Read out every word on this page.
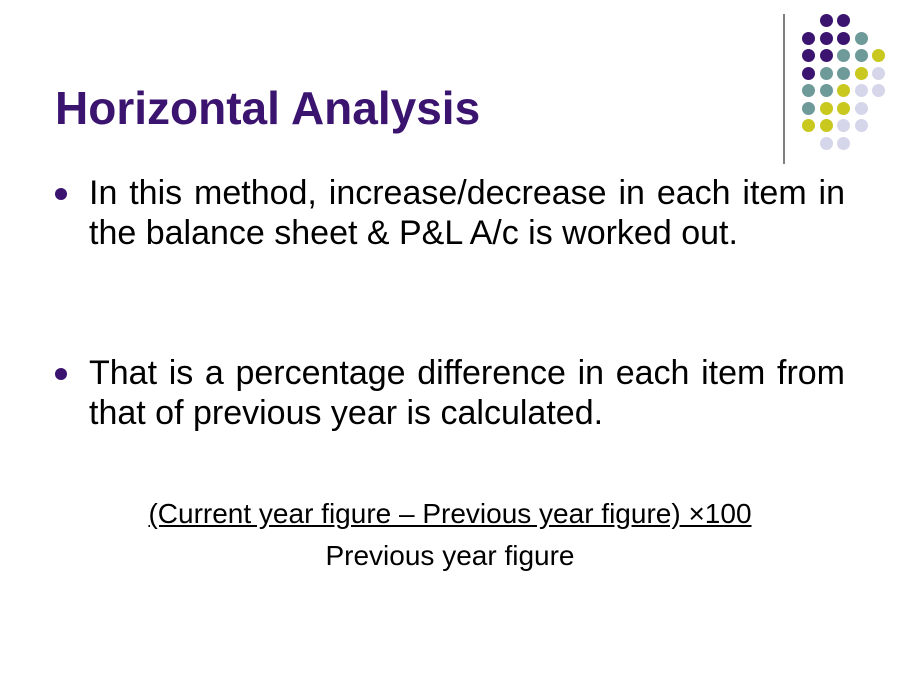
Horizontal Analysis
In this method, increase/decrease in each item in the balance sheet & P&L A/c is worked out.
That is a percentage difference in each item from that of previous year is calculated.
(Current year figure – Previous year figure) ×100
Previous year figure
